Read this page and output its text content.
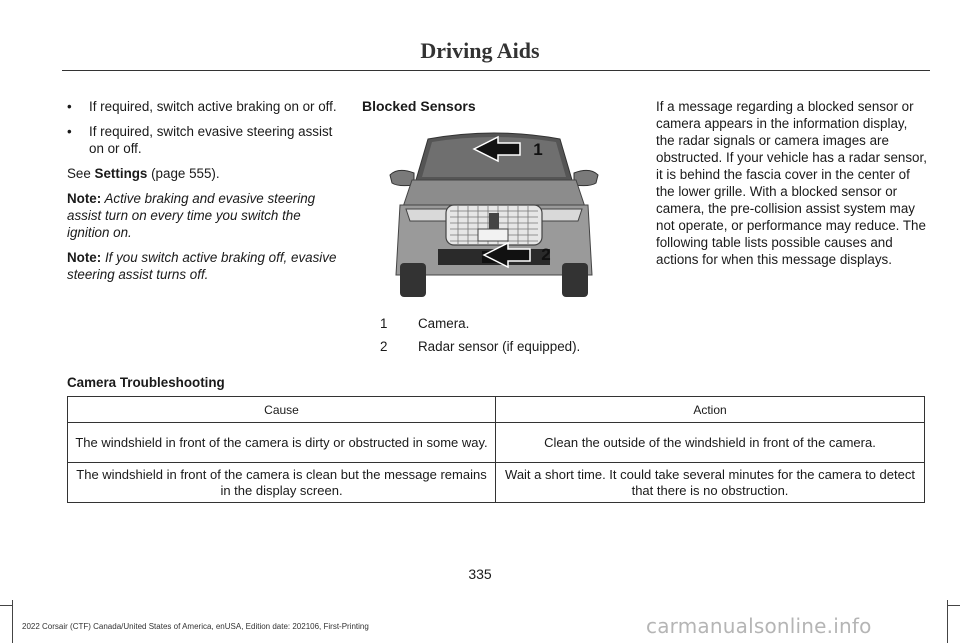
Driving Aids
• If required, switch active braking on or off.
• If required, switch evasive steering assist on or off.
See Settings (page 555).
Note: Active braking and evasive steering assist turn on every time you switch the ignition on.
Note: If you switch active braking off, evasive steering assist turns off.
Blocked Sensors
1
2
1 Camera.
2 Radar sensor (if equipped).
If a message regarding a blocked sensor or camera appears in the information display, the radar signals or camera images are obstructed. If your vehicle has a radar sensor, it is behind the fascia cover in the center of the lower grille. With a blocked sensor or camera, the pre-collision assist system may not operate, or performance may reduce. The following table lists possible causes and actions for when this message displays.
Camera Troubleshooting
Cause	Action
The windshield in front of the camera is dirty or obstructed in some way.	Clean the outside of the windshield in front of the camera.
The windshield in front of the camera is clean but the message remains in the display screen.	Wait a short time. It could take several minutes for the camera to detect that there is no obstruction.
335
2022 Corsair (CTF) Canada/United States of America, enUSA, Edition date: 202106, First-Printing	carmanualsonline.info
